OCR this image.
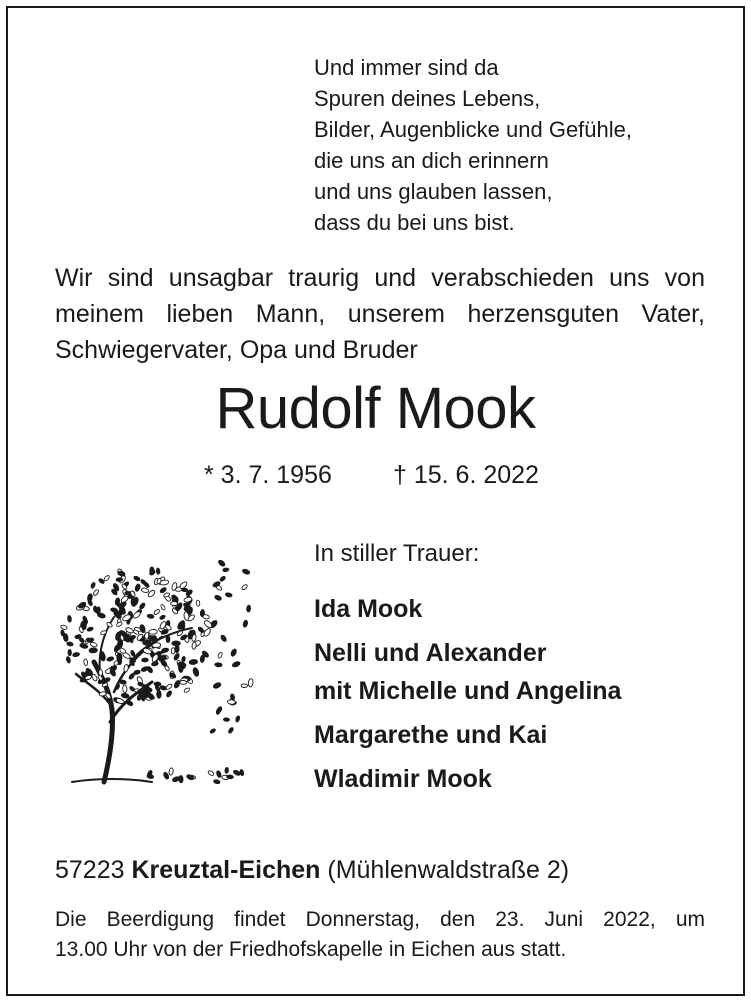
Und immer sind da
Spuren deines Lebens,
Bilder, Augenblicke und Gefühle,
die uns an dich erinnern
und uns glauben lassen,
dass du bei uns bist.
Wir sind unsagbar traurig und verabschieden uns von
meinem lieben Mann, unserem herzensguten Vater,
Schwiegervater, Opa und Bruder
Rudolf Mook
* 3. 7. 1956 † 15. 6. 2022
In stiller Trauer:
Ida Mook
Nelli und Alexander
mit Michelle und Angelina
Margarethe und Kai
Wladimir Mook
57223 Kreuztal-Eichen (Mühlenwaldstraße 2)
Die Beerdigung findet Donnerstag, den 23. Juni 2022, um
13.00 Uhr von der Friedhofskapelle in Eichen aus statt.
